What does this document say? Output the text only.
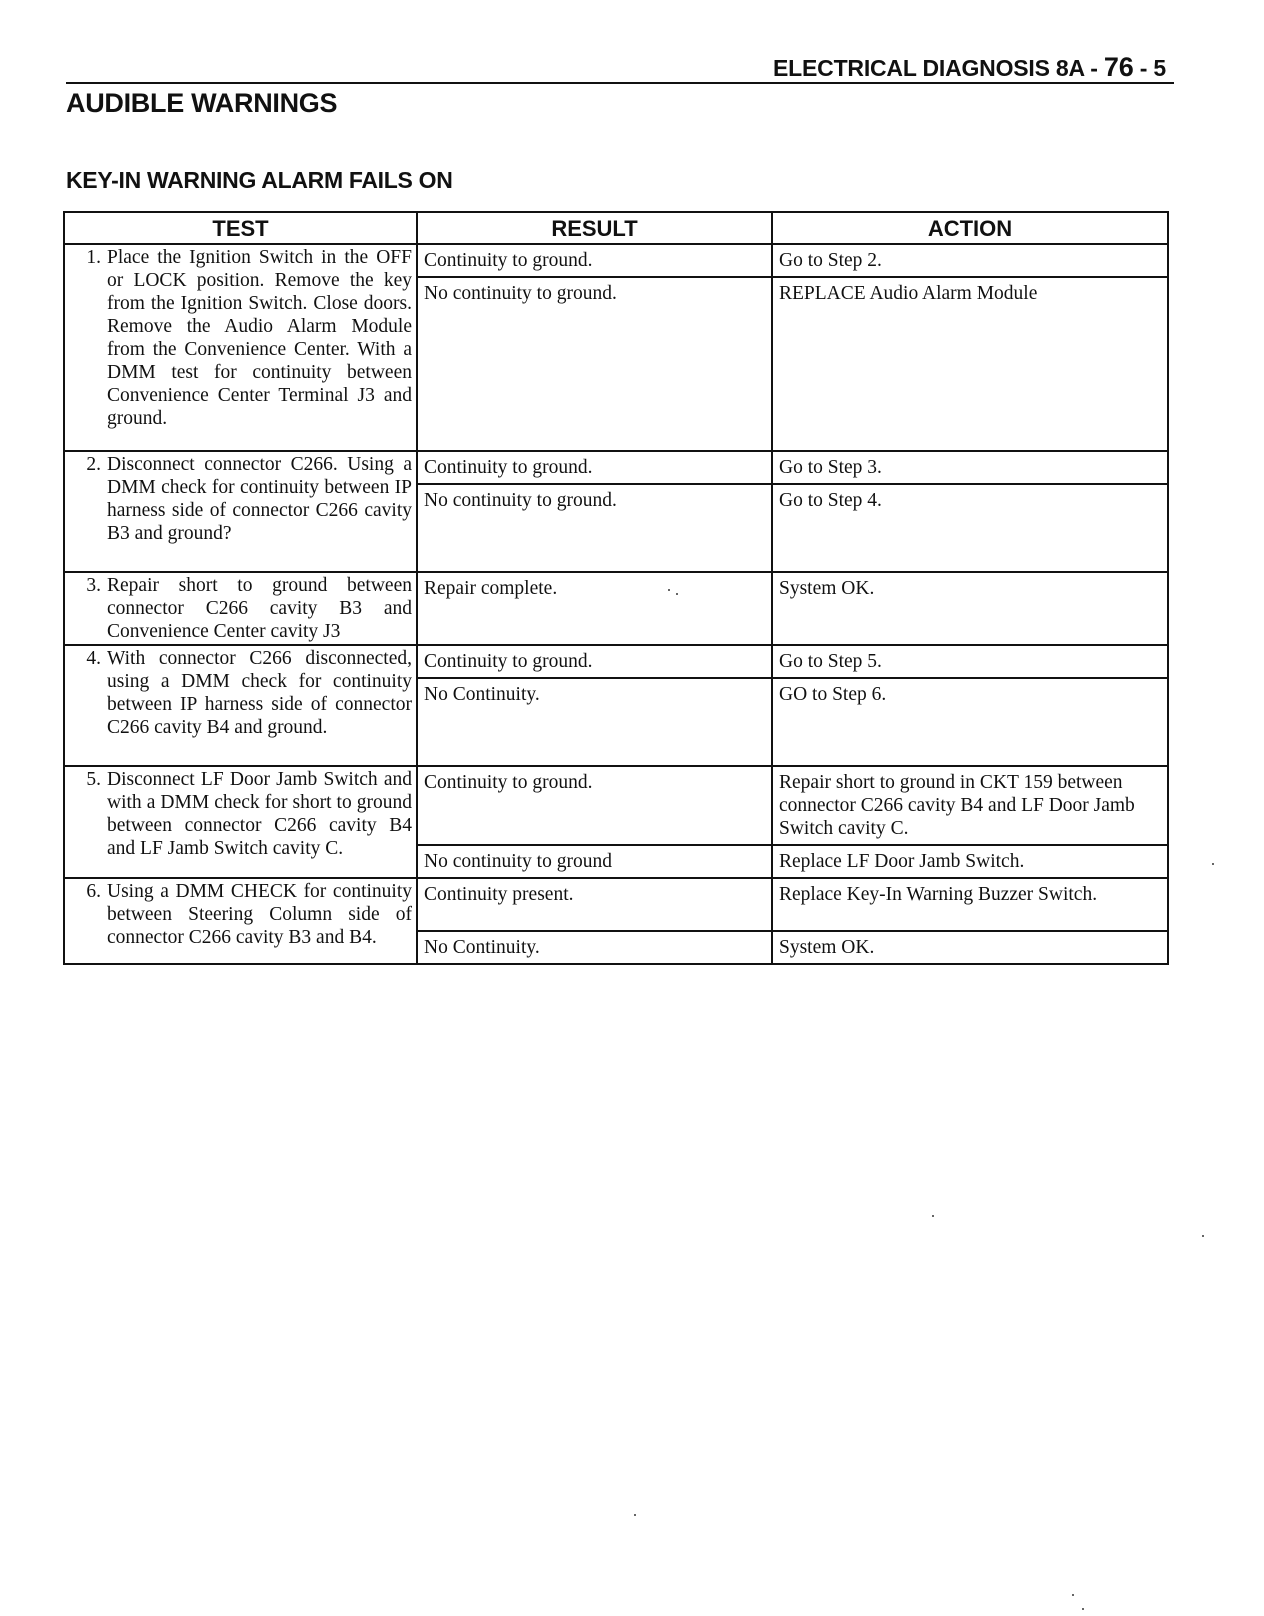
ELECTRICAL DIAGNOSIS 8A - 76 - 5
AUDIBLE WARNINGS
KEY-IN WARNING ALARM FAILS ON
TEST	RESULT	ACTION

1. Place the Ignition Switch in the OFF or LOCK position. Remove the key from the Ignition Switch. Close doors. Remove the Audio Alarm Module from the Convenience Center. With a DMM test for continuity between Convenience Center Terminal J3 and ground.	Continuity to ground.	Go to Step 2.
	No continuity to ground.	REPLACE Audio Alarm Module

2. Disconnect connector C266. Using a DMM check for continuity between IP harness side of connector C266 cavity B3 and ground?	Continuity to ground.	Go to Step 3.
	No continuity to ground.	Go to Step 4.

3. Repair short to ground between connector C266 cavity B3 and Convenience Center cavity J3	Repair complete.	System OK.

4. With connector C266 disconnected, using a DMM check for continuity between IP harness side of connector C266 cavity B4 and ground.	Continuity to ground.	Go to Step 5.
	No Continuity.	GO to Step 6.

5. Disconnect LF Door Jamb Switch and with a DMM check for short to ground between connector C266 cavity B4 and LF Jamb Switch cavity C.	Continuity to ground.	Repair short to ground in CKT 159 between connector C266 cavity B4 and LF Door Jamb Switch cavity C.
	No continuity to ground	Replace LF Door Jamb Switch.

6. Using a DMM CHECK for continuity between Steering Column side of connector C266 cavity B3 and B4.	Continuity present.	Replace Key-In Warning Buzzer Switch.
	No Continuity.	System OK.
